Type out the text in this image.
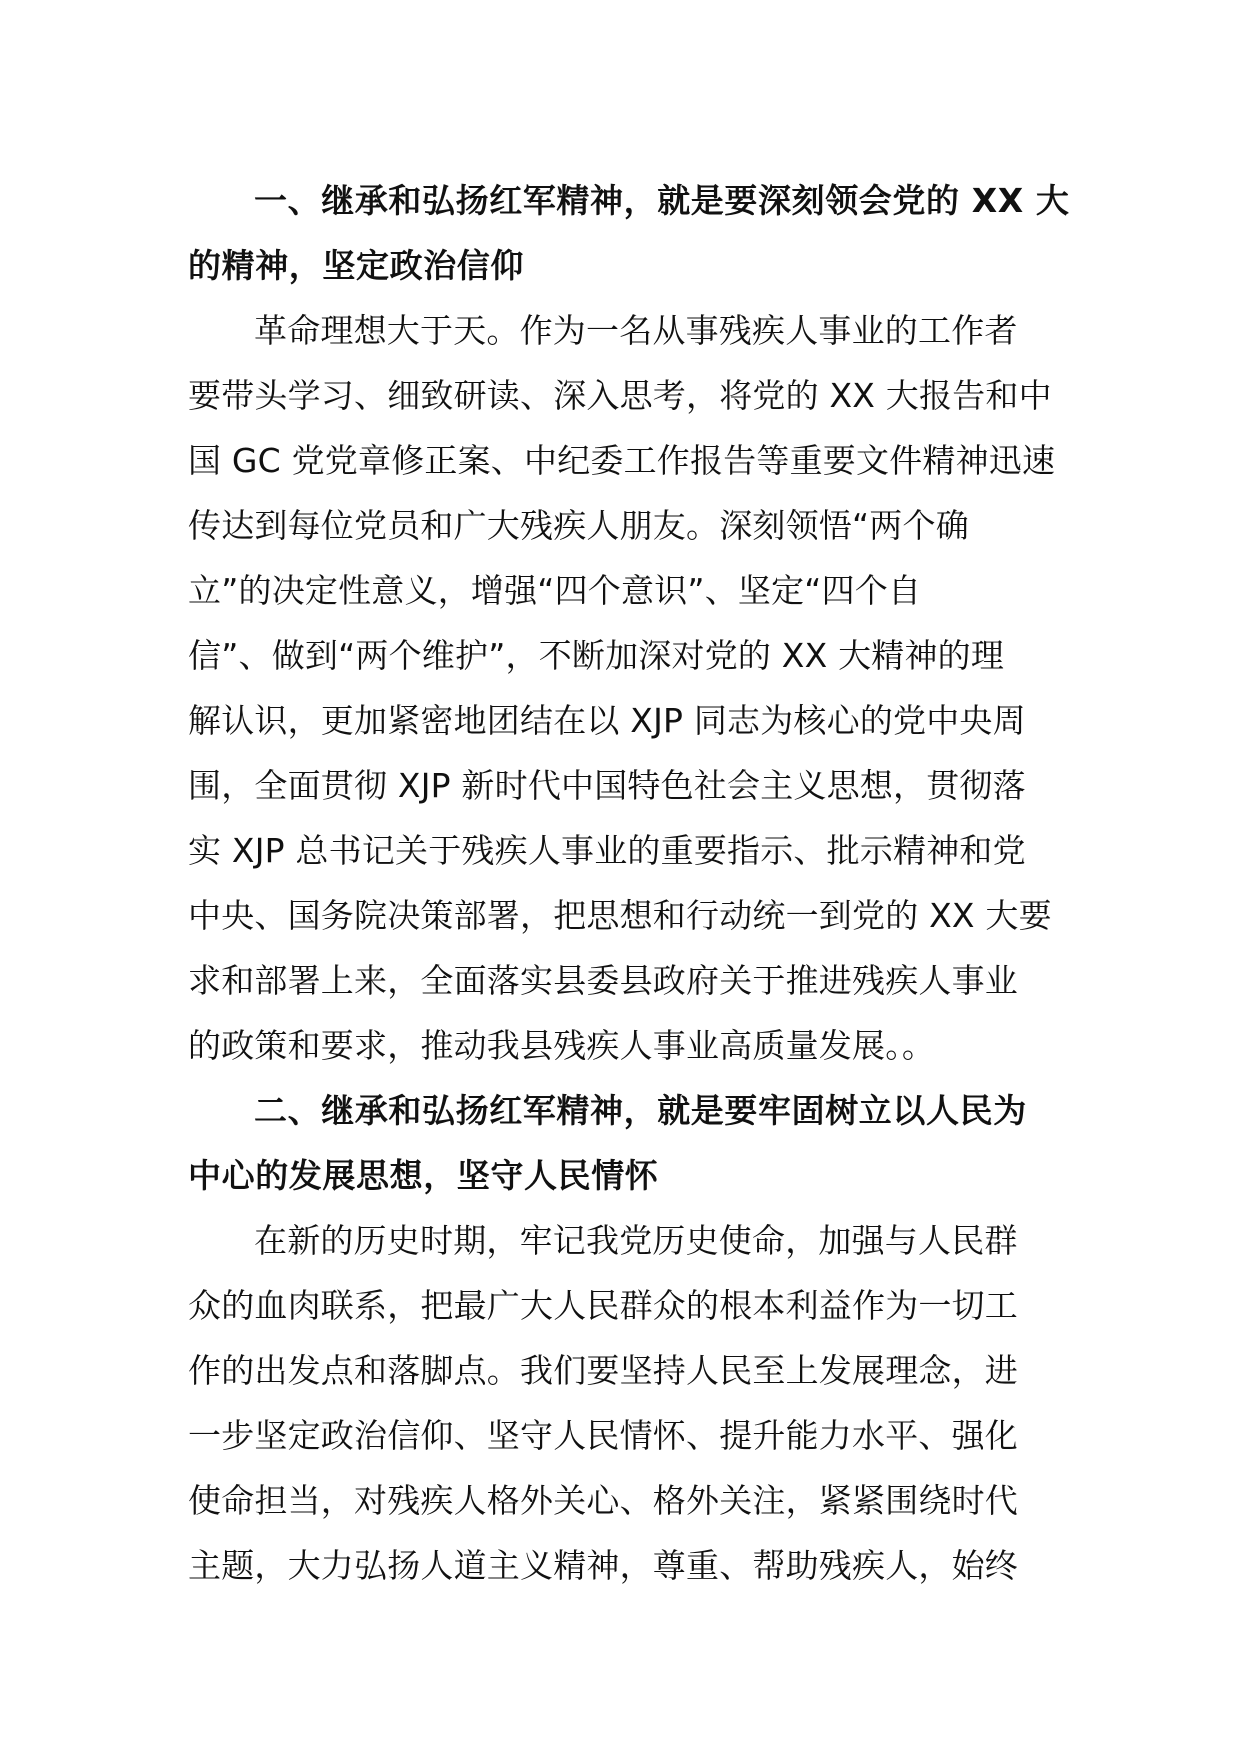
一、继承和弘扬红军精神，就是要深刻领会党的 XX 大
的精神，坚定政治信仰
革命理想大于天。作为一名从事残疾人事业的工作者
要带头学习、细致研读、深入思考，将党的 XX 大报告和中
国 GC 党党章修正案、中纪委工作报告等重要文件精神迅速
传达到每位党员和广大残疾人朋友。深刻领悟“两个确
立”的决定性意义，增强“四个意识”、坚定“四个自
信”、做到“两个维护”，不断加深对党的 XX 大精神的理
解认识，更加紧密地团结在以 XJP 同志为核心的党中央周
围，全面贯彻 XJP 新时代中国特色社会主义思想，贯彻落
实 XJP 总书记关于残疾人事业的重要指示、批示精神和党
中央、国务院决策部署，把思想和行动统一到党的 XX 大要
求和部署上来，全面落实县委县政府关于推进残疾人事业
的政策和要求，推动我县残疾人事业高质量发展。。
二、继承和弘扬红军精神，就是要牢固树立以人民为
中心的发展思想，坚守人民情怀
在新的历史时期，牢记我党历史使命，加强与人民群
众的血肉联系，把最广大人民群众的根本利益作为一切工
作的出发点和落脚点。我们要坚持人民至上发展理念，进
一步坚定政治信仰、坚守人民情怀、提升能力水平、强化
使命担当，对残疾人格外关心、格外关注，紧紧围绕时代
主题，大力弘扬人道主义精神，尊重、帮助残疾人，始终
